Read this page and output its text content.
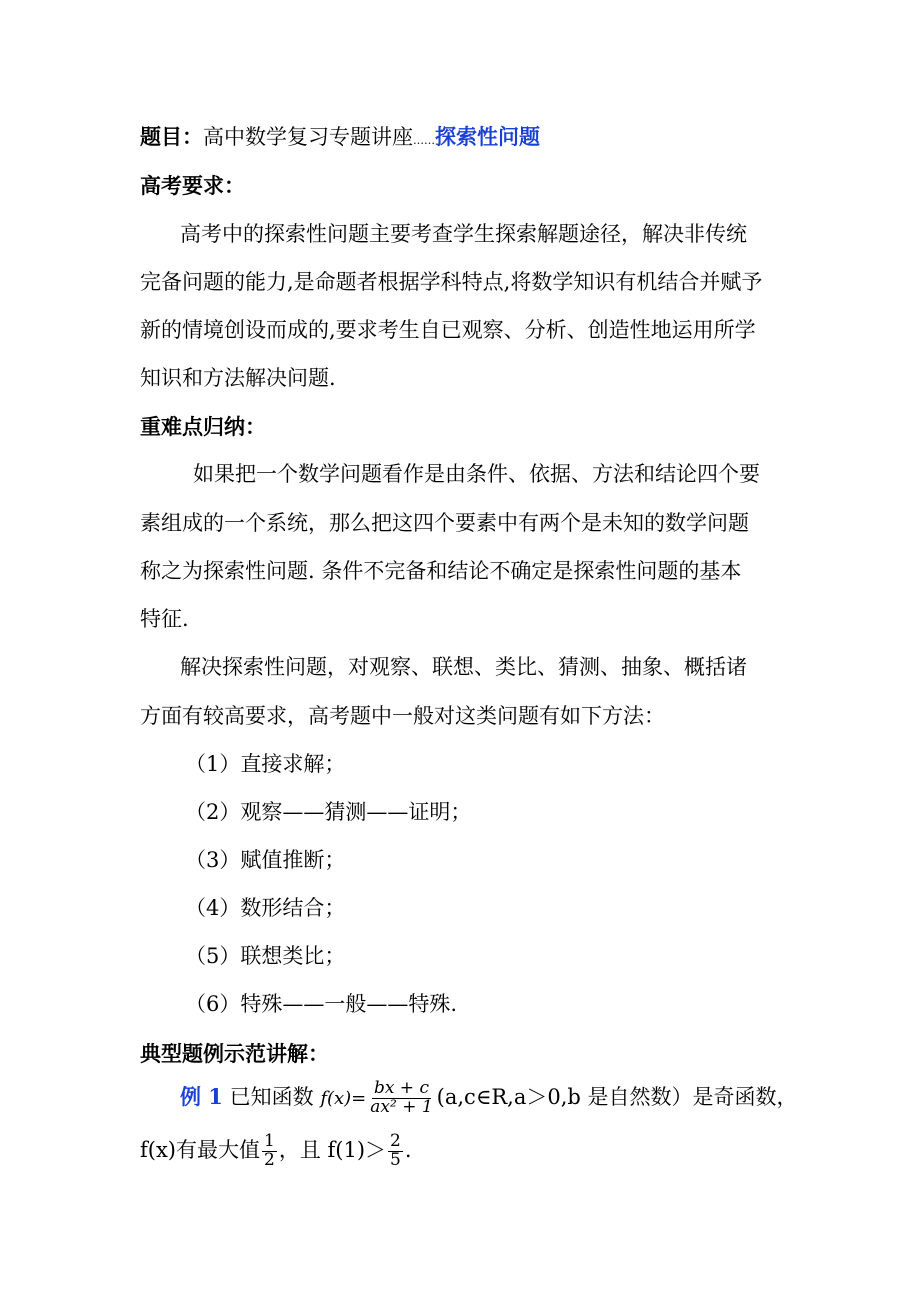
题目：高中数学复习专题讲座……探索性问题
高考要求：
高考中的探索性问题主要考查学生探索解题途径，解决非传统
完备问题的能力,是命题者根据学科特点,将数学知识有机结合并赋予
新的情境创设而成的,要求考生自已观察、分析、创造性地运用所学
知识和方法解决问题.
重难点归纳：
如果把一个数学问题看作是由条件、依据、方法和结论四个要
素组成的一个系统，那么把这四个要素中有两个是未知的数学问题
称之为探索性问题. 条件不完备和结论不确定是探索性问题的基本
特征.
解决探索性问题，对观察、联想、类比、猜测、抽象、概括诸
方面有较高要求，高考题中一般对这类问题有如下方法：
（1）直接求解；
（2）观察——猜测——证明；
（3）赋值推断；
（4）数形结合；
（5）联想类比；
（6）特殊——一般——特殊.
典型题例示范讲解：
例 1 已知函数 $f(x)= \frac{bx + c}{\text{ax² + 1}}$ (a,c∈R,a＞0,b 是自然数）是奇函数，
f(x)有最大值 $\frac{1}{2}$ ，且 $f(1)> \frac{2}{5}$ .
